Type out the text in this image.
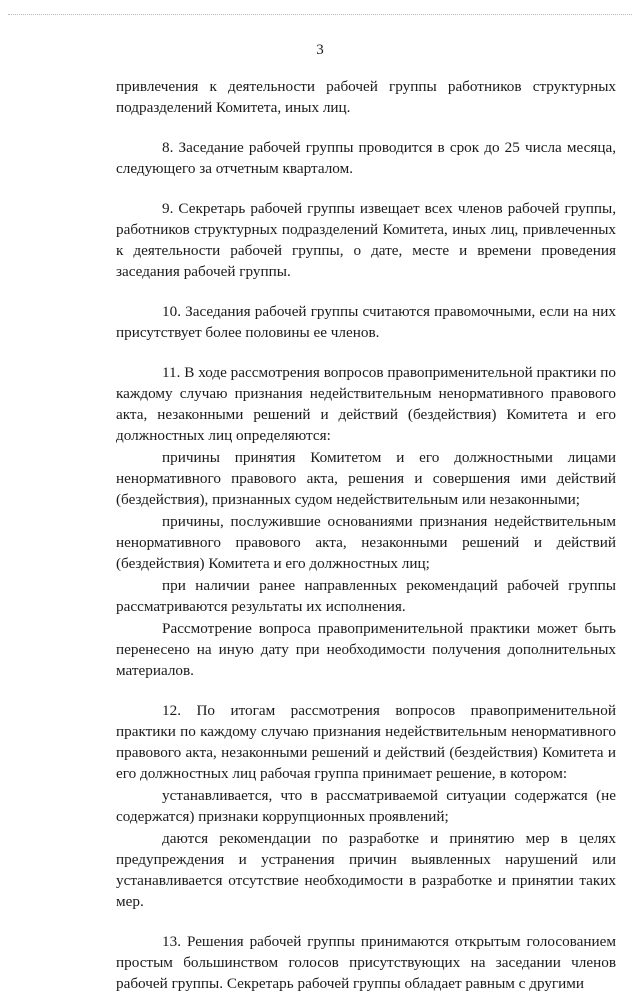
3

привлечения к деятельности рабочей группы работников структурных подразделений Комитета, иных лиц.

8. Заседание рабочей группы проводится в срок до 25 числа месяца, следующего за отчетным кварталом.

9. Секретарь рабочей группы извещает всех членов рабочей группы, работников структурных подразделений Комитета, иных лиц, привлеченных к деятельности рабочей группы, о дате, месте и времени проведения заседания рабочей группы.

10. Заседания рабочей группы считаются правомочными, если на них присутствует более половины ее членов.

11. В ходе рассмотрения вопросов правоприменительной практики по каждому случаю признания недействительным ненормативного правового акта, незаконными решений и действий (бездействия) Комитета и его должностных лиц определяются:

причины принятия Комитетом и его должностными лицами ненормативного правового акта, решения и совершения ими действий (бездействия), признанных судом недействительным или незаконными;

причины, послужившие основаниями признания недействительным ненормативного правового акта, незаконными решений и действий (бездействия) Комитета и его должностных лиц;

при наличии ранее направленных рекомендаций рабочей группы рассматриваются результаты их исполнения.

Рассмотрение вопроса правоприменительной практики может быть перенесено на иную дату при необходимости получения дополнительных материалов.

12. По итогам рассмотрения вопросов правоприменительной практики по каждому случаю признания недействительным ненормативного правового акта, незаконными решений и действий (бездействия) Комитета и его должностных лиц рабочая группа принимает решение, в котором:

устанавливается, что в рассматриваемой ситуации содержатся (не содержатся) признаки коррупционных проявлений;

даются рекомендации по разработке и принятию мер в целях предупреждения и устранения причин выявленных нарушений или устанавливается отсутствие необходимости в разработке и принятии таких мер.

13. Решения рабочей группы принимаются открытым голосованием простым большинством голосов присутствующих на заседании членов рабочей группы. Секретарь рабочей группы обладает равным с другими
